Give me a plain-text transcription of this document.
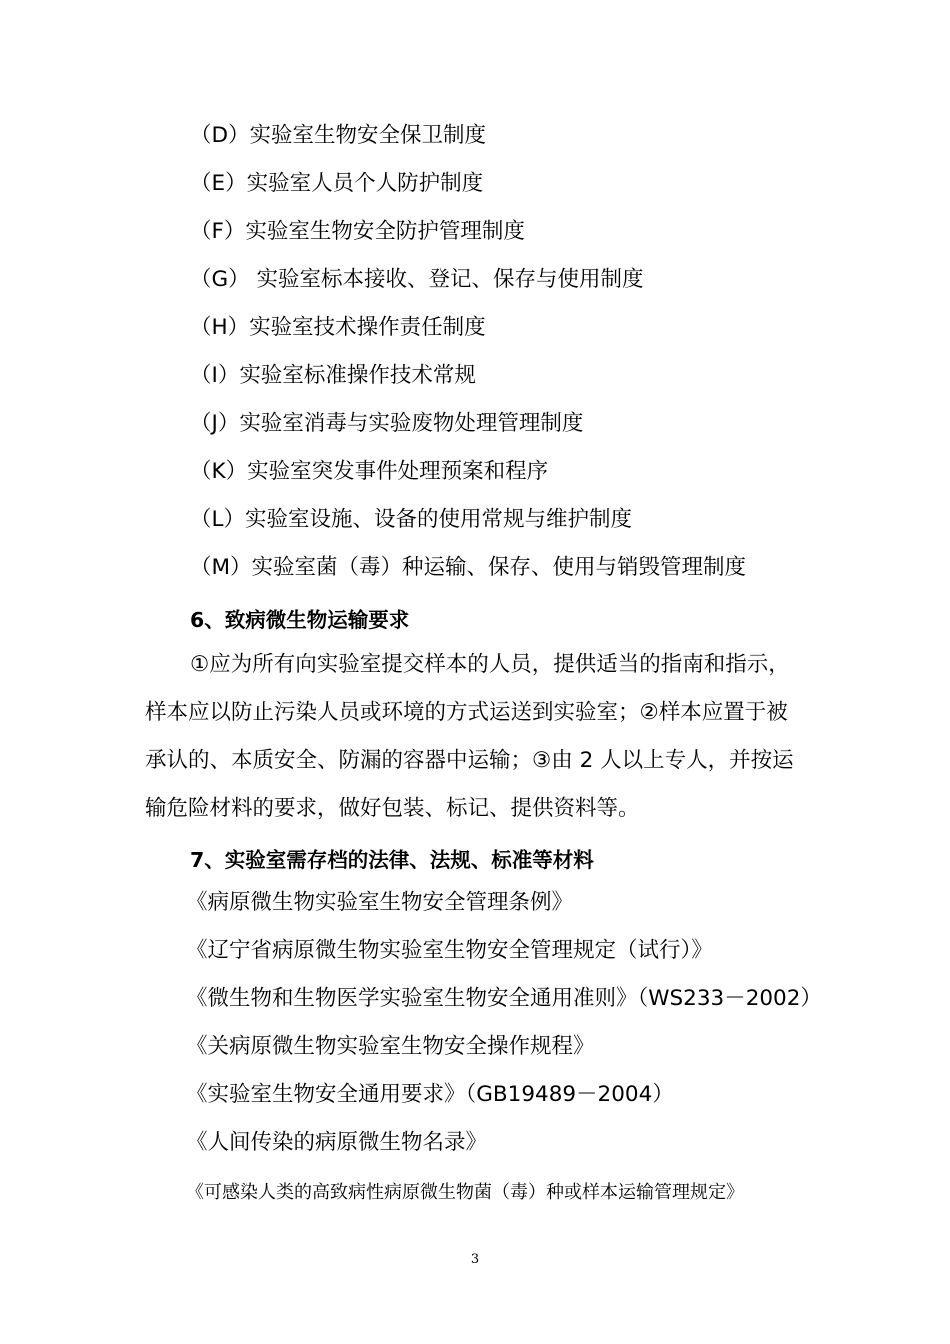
（D）实验室生物安全保卫制度
（E）实验室人员个人防护制度
（F）实验室生物安全防护管理制度
（G） 实验室标本接收、登记、保存与使用制度
（H）实验室技术操作责任制度
（I）实验室标准操作技术常规
（J）实验室消毒与实验废物处理管理制度
（K）实验室突发事件处理预案和程序
（L）实验室设施、设备的使用常规与维护制度
（M）实验室菌（毒）种运输、保存、使用与销毁管理制度
6、致病微生物运输要求
①应为所有向实验室提交样本的人员，提供适当的指南和指示，
样本应以防止污染人员或环境的方式运送到实验室；②样本应置于被
承认的、本质安全、防漏的容器中运输；③由 2 人以上专人，并按运
输危险材料的要求，做好包装、标记、提供资料等。
7、实验室需存档的法律、法规、标准等材料
《病原微生物实验室生物安全管理条例》
《辽宁省病原微生物实验室生物安全管理规定（试行）》
《微生物和生物医学实验室生物安全通用准则》（WS233－2002）
《关病原微生物实验室生物安全操作规程》
《实验室生物安全通用要求》（GB19489－2004）
《人间传染的病原微生物名录》
《可感染人类的高致病性病原微生物菌（毒）种或样本运输管理规定》
3
